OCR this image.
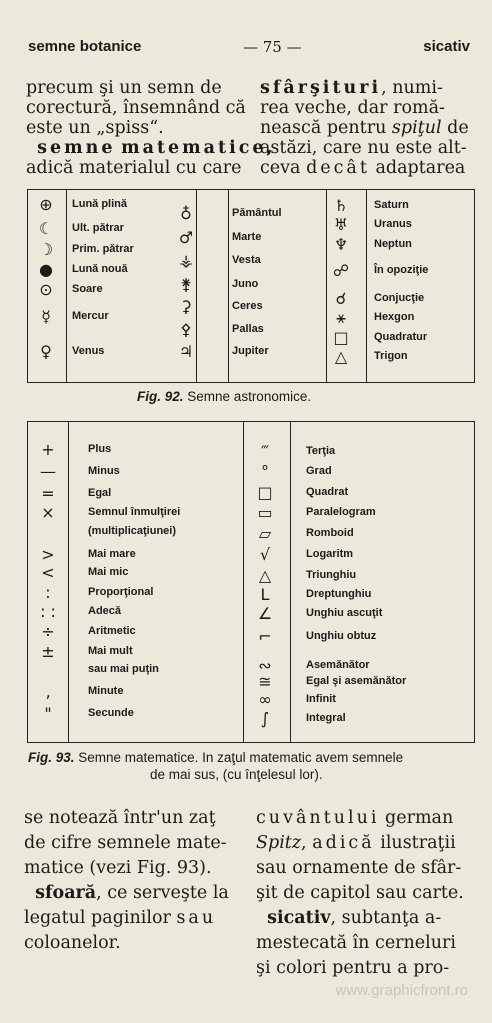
semne botanice	— 75 —	sicativ
precum şi un semn de
corectură, însemnând că
este un „spiss“.
semne matematice,
adică materialul cu care
sfârşituri, numi-
rea veche, dar romă-
nească pentru spiţul de
astăzi, care nu este alt-
ceva decât adaptarea
⊕	Lună plină
☾	Ult. pătrar
☽	Prim. pătrar
●	Lună nouă
⊙	Soare
☿	Mercur
♀	Venus
♁	Pământul
♂	Marte
⚶	Vesta
⚵	Juno
⚳	Ceres
⚴	Pallas
♃	Jupiter
♄	Saturn
♅	Uranus
♆	Neptun
☍	În opoziţie
☌	Conjucţie
⚹	Hexgon
□	Quadratur
△	Trigon
Fig. 92. Semne astronomice.
+	Plus
—	Minus
=	Egal
×	Semnul înmulţirei
(multiplicaţiunei)
>	Mai mare
<	Mai mic
:	Proporţional
: :	Adecă
÷	Aritmetic
±	Mai mult
sau mai puţin
‚	Minute
"	Secunde
‴	Terţia
°	Grad
□	Quadrat
▭	Paralelogram
▱	Romboid
√	Logaritm
△	Triunghiu
L	Dreptunghiu
∠	Unghiu ascuţit
⌐	Unghiu obtuz
∾	Asemănător
≅	Egal şi asemănător
∞	Infinit
∫	Integral
Fig. 93. Semne matematice. In zaţul matematic avem semnele
de mai sus, (cu înţelesul lor).
se notează într'un zaţ
de cifre semnele mate-
matice (vezi Fig. 93).
sfoară, ce serveşte la
legatul paginilor sau
coloanelor.
cuvântului german
Spitz, adică ilustraţii
sau ornamente de sfâr-
şit de capitol sau carte.
sicativ, subtanţa a-
mestecată în cerneluri
şi colori pentru a pro-
www.graphicfront.ro
